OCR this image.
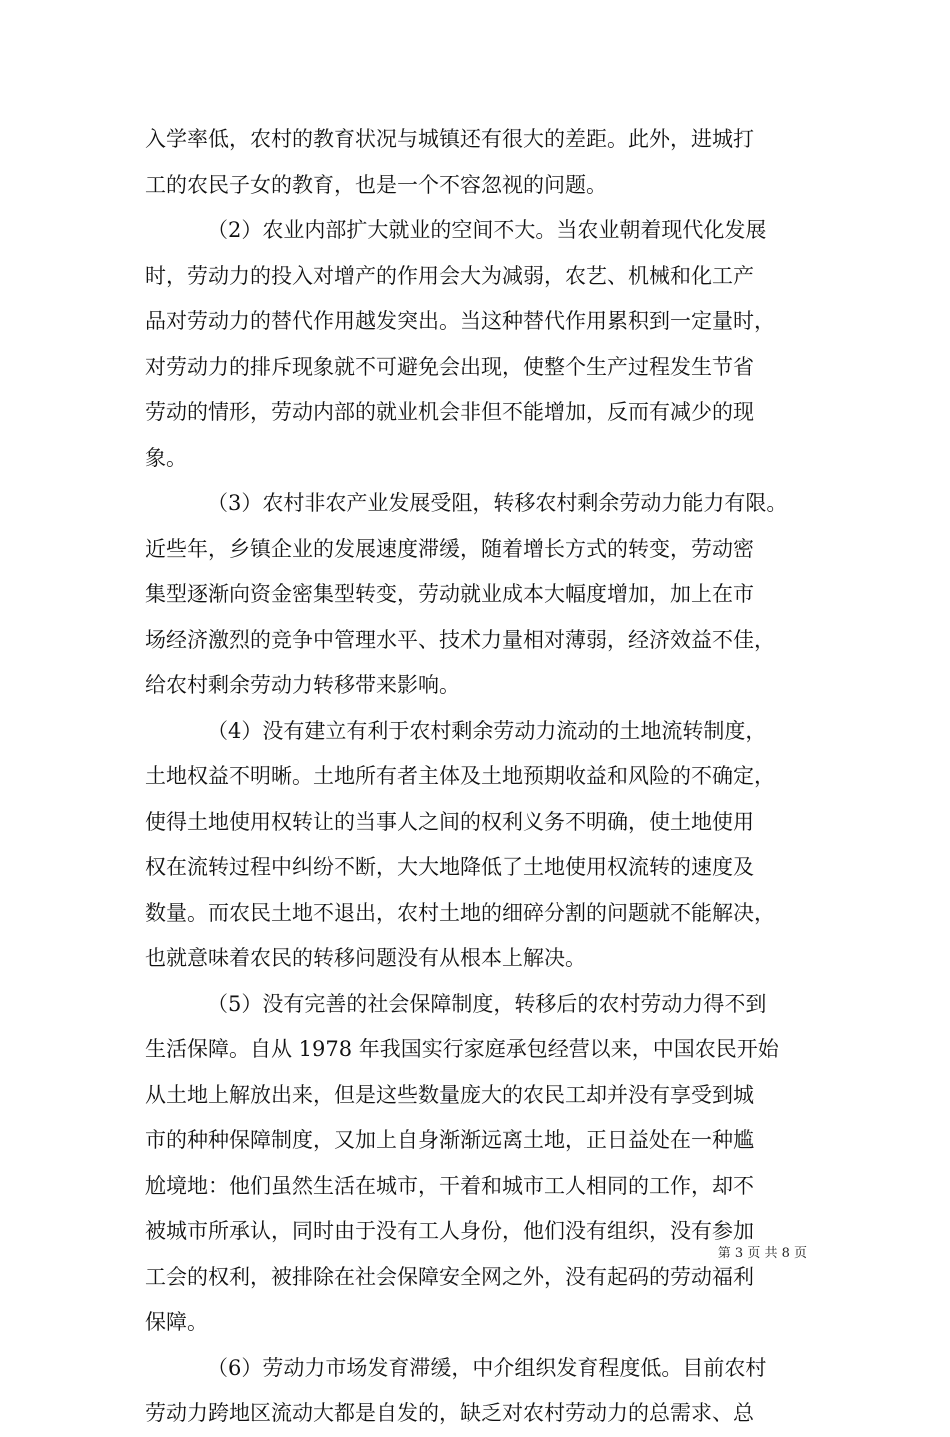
入学率低，农村的教育状况与城镇还有很大的差距。此外，进城打
工的农民子女的教育，也是一个不容忽视的问题。
（2）农业内部扩大就业的空间不大。当农业朝着现代化发展
时，劳动力的投入对增产的作用会大为减弱，农艺、机械和化工产
品对劳动力的替代作用越发突出。当这种替代作用累积到一定量时，
对劳动力的排斥现象就不可避免会出现，使整个生产过程发生节省
劳动的情形，劳动内部的就业机会非但不能增加，反而有减少的现
象。
（3）农村非农产业发展受阻，转移农村剩余劳动力能力有限。
近些年，乡镇企业的发展速度滞缓，随着增长方式的转变，劳动密
集型逐渐向资金密集型转变，劳动就业成本大幅度增加，加上在市
场经济激烈的竞争中管理水平、技术力量相对薄弱，经济效益不佳，
给农村剩余劳动力转移带来影响。
（4）没有建立有利于农村剩余劳动力流动的土地流转制度，
土地权益不明晰。土地所有者主体及土地预期收益和风险的不确定，
使得土地使用权转让的当事人之间的权利义务不明确，使土地使用
权在流转过程中纠纷不断，大大地降低了土地使用权流转的速度及
数量。而农民土地不退出，农村土地的细碎分割的问题就不能解决，
也就意味着农民的转移问题没有从根本上解决。
（5）没有完善的社会保障制度，转移后的农村劳动力得不到
生活保障。自从 1978 年我国实行家庭承包经营以来，中国农民开始
从土地上解放出来，但是这些数量庞大的农民工却并没有享受到城
市的种种保障制度，又加上自身渐渐远离土地，正日益处在一种尴
尬境地：他们虽然生活在城市，干着和城市工人相同的工作，却不
被城市所承认，同时由于没有工人身份，他们没有组织，没有参加
工会的权利，被排除在社会保障安全网之外，没有起码的劳动福利
保障。
（6）劳动力市场发育滞缓，中介组织发育程度低。目前农村
劳动力跨地区流动大都是自发的，缺乏对农村劳动力的总需求、总
第 3 页 共 8 页
